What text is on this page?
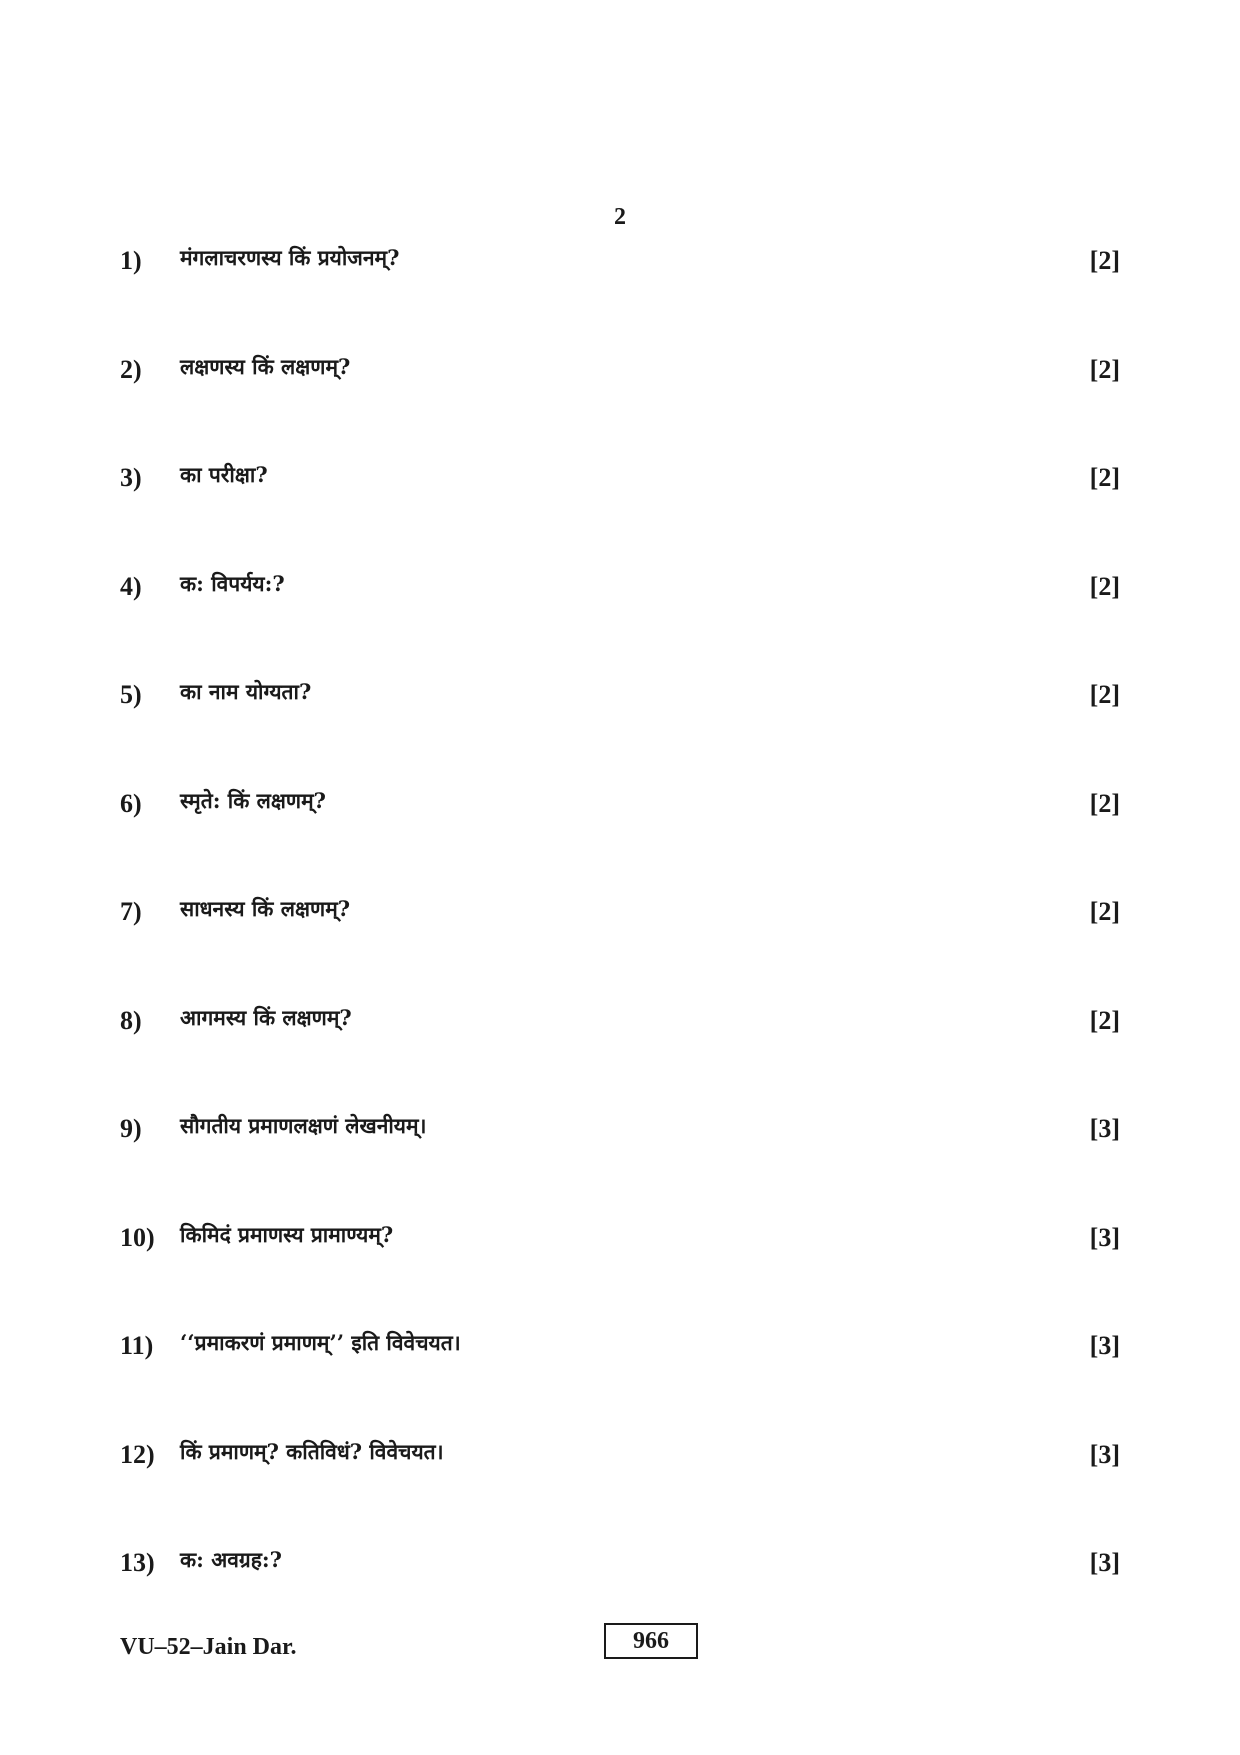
2
1) मंगलाचरणस्य किं प्रयोजनम्?	[2]
2) लक्षणस्य किं लक्षणम्?	[2]
3) का परीक्षा?	[2]
4) क: विपर्यय:?	[2]
5) का नाम योग्यता?	[2]
6) स्मृते: किं लक्षणम्?	[2]
7) साधनस्य किं लक्षणम्?	[2]
8) आगमस्य किं लक्षणम्?	[2]
9) सौगतीय प्रमाणलक्षणं लेखनीयम्।	[3]
10) किमिदं प्रमाणस्य प्रामाण्यम्?	[3]
11) ‘‘प्रमाकरणं प्रमाणम्’’ इति विवेचयत।	[3]
12) किं प्रमाणम्? कतिविधं? विवेचयत।	[3]
13) क: अवग्रह:?	[3]
VU–52–Jain Dar.	966
